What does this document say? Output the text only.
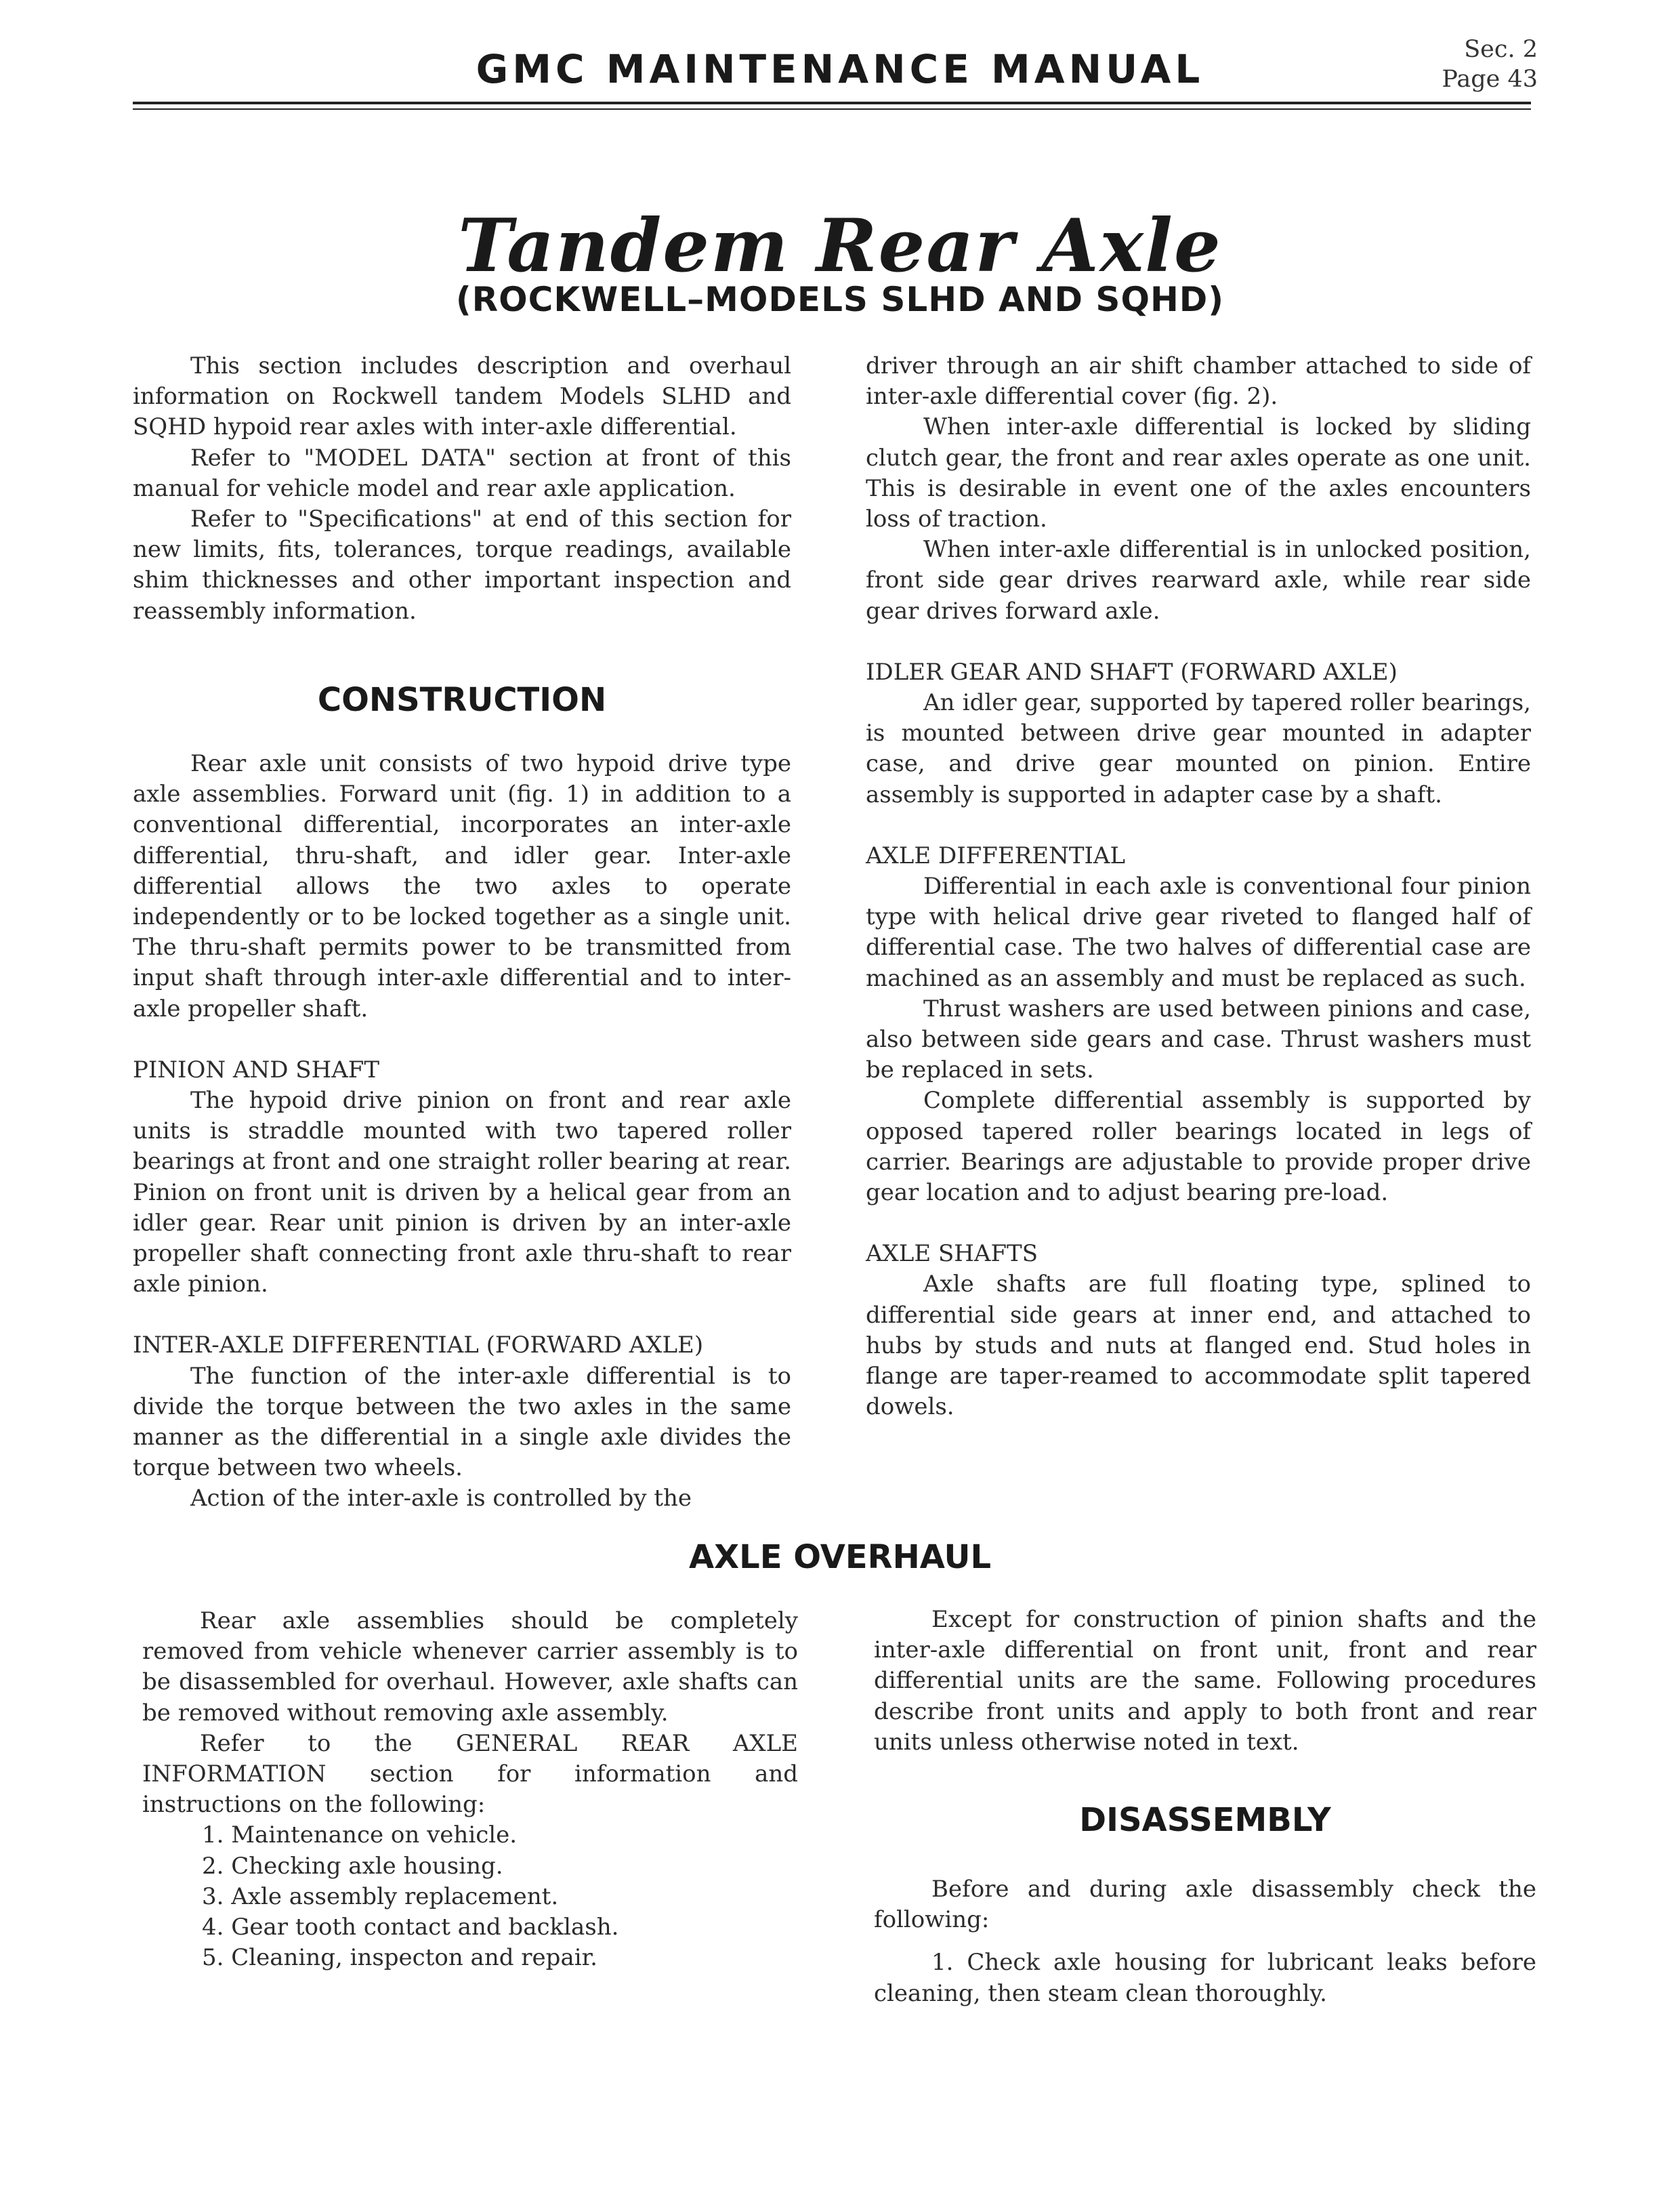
GMC MAINTENANCE MANUAL	Sec. 2
Page 43
Tandem Rear Axle
(ROCKWELL–MODELS SLHD AND SQHD)

This section includes description and overhaul information on Rockwell tandem Models SLHD and SQHD hypoid rear axles with inter-axle differential.

Refer to "MODEL DATA" section at front of this manual for vehicle model and rear axle application.

Refer to "Specifications" at end of this section for new limits, fits, tolerances, torque readings, available shim thicknesses and other important inspection and reassembly information.

CONSTRUCTION

Rear axle unit consists of two hypoid drive type axle assemblies. Forward unit (fig. 1) in addition to a conventional differential, incorporates an inter-axle differential, thru-shaft, and idler gear. Inter-axle differential allows the two axles to operate independently or to be locked together as a single unit. The thru-shaft permits power to be transmitted from input shaft through inter-axle differential and to inter-axle propeller shaft.

PINION AND SHAFT

The hypoid drive pinion on front and rear axle units is straddle mounted with two tapered roller bearings at front and one straight roller bearing at rear. Pinion on front unit is driven by a helical gear from an idler gear. Rear unit pinion is driven by an inter-axle propeller shaft connecting front axle thru-shaft to rear axle pinion.

INTER-AXLE DIFFERENTIAL (FORWARD AXLE)

The function of the inter-axle differential is to divide the torque between the two axles in the same manner as the differential in a single axle divides the torque between two wheels.

Action of the inter-axle is controlled by the

driver through an air shift chamber attached to side of inter-axle differential cover (fig. 2).

When inter-axle differential is locked by sliding clutch gear, the front and rear axles operate as one unit. This is desirable in event one of the axles encounters loss of traction.

When inter-axle differential is in unlocked position, front side gear drives rearward axle, while rear side gear drives forward axle.

IDLER GEAR AND SHAFT (FORWARD AXLE)

An idler gear, supported by tapered roller bearings, is mounted between drive gear mounted in adapter case, and drive gear mounted on pinion. Entire assembly is supported in adapter case by a shaft.

AXLE DIFFERENTIAL

Differential in each axle is conventional four pinion type with helical drive gear riveted to flanged half of differential case. The two halves of differential case are machined as an assembly and must be replaced as such.

Thrust washers are used between pinions and case, also between side gears and case. Thrust washers must be replaced in sets.

Complete differential assembly is supported by opposed tapered roller bearings located in legs of carrier. Bearings are adjustable to provide proper drive gear location and to adjust bearing pre-load.

AXLE SHAFTS

Axle shafts are full floating type, splined to differential side gears at inner end, and attached to hubs by studs and nuts at flanged end. Stud holes in flange are taper-reamed to accommodate split tapered dowels.

AXLE OVERHAUL

Rear axle assemblies should be completely removed from vehicle whenever carrier assembly is to be disassembled for overhaul. However, axle shafts can be removed without removing axle assembly.

Refer to the GENERAL REAR AXLE INFORMATION section for information and instructions on the following:

1. Maintenance on vehicle.
2. Checking axle housing.
3. Axle assembly replacement.
4. Gear tooth contact and backlash.
5. Cleaning, inspecton and repair.

Except for construction of pinion shafts and the inter-axle differential on front unit, front and rear differential units are the same. Following procedures describe front units and apply to both front and rear units unless otherwise noted in text.

DISASSEMBLY

Before and during axle disassembly check the following:

1. Check axle housing for lubricant leaks before cleaning, then steam clean thoroughly.
